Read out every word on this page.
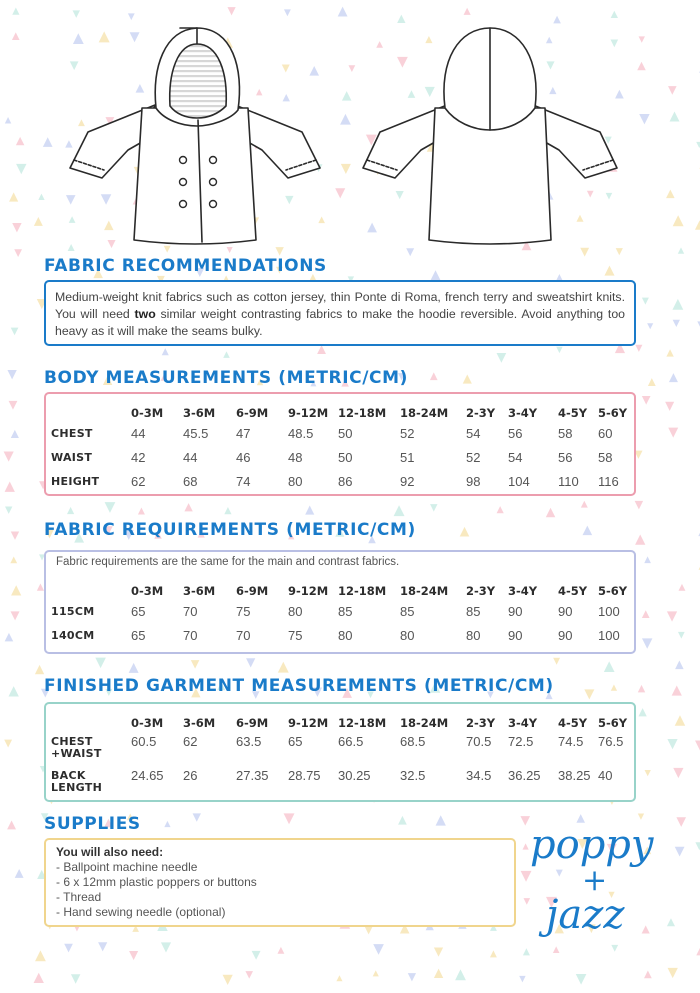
FABRIC RECOMMENDATIONS

Medium-weight knit fabrics such as cotton jersey, thin Ponte di Roma, french terry and sweatshirt knits. You will need two similar weight contrasting fabrics to make the hoodie reversible. Avoid anything too heavy as it will make the seams bulky.

BODY MEASUREMENTS (METRIC/CM)
	0-3M	3-6M	6-9M	9-12M	12-18M	18-24M	2-3Y	3-4Y	4-5Y	5-6Y
CHEST	44	45.5	47	48.5	50	52	54	56	58	60
WAIST	42	44	46	48	50	51	52	54	56	58
HEIGHT	62	68	74	80	86	92	98	104	110	116
FABRIC REQUIREMENTS (METRIC/CM)

Fabric requirements are the same for the main and contrast fabrics.

	0-3M	3-6M	6-9M	9-12M	12-18M	18-24M	2-3Y	3-4Y	4-5Y	5-6Y
115CM	65	70	75	80	85	85	85	90	90	100
140CM	65	70	70	75	80	80	80	90	90	100
FINISHED GARMENT MEASUREMENTS (METRIC/CM)
	0-3M	3-6M	6-9M	9-12M	12-18M	18-24M	2-3Y	3-4Y	4-5Y	5-6Y
CHEST
+WAIST	60.5	62	63.5	65	66.5	68.5	70.5	72.5	74.5	76.5
BACK
LENGTH	24.65	26	27.35	28.75	30.25	32.5	34.5	36.25	38.25	40
SUPPLIES
You will also need:
- Ballpoint machine needle
- 6 x 12mm plastic poppers or buttons
- Thread
- Hand sewing needle (optional)
poppy
+
jazz
